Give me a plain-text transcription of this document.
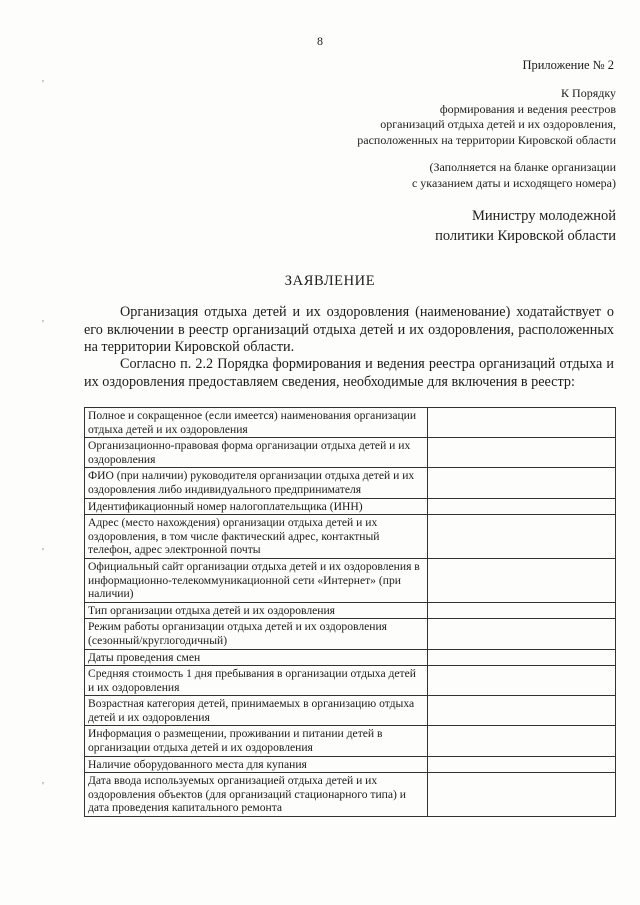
8
Приложение № 2
К Порядку
формирования и ведения реестров
организаций отдыха детей и их оздоровления,
расположенных на территории Кировской области
(Заполняется на бланке организации
с указанием даты и исходящего номера)
Министру молодежной
политики Кировской области
ЗАЯВЛЕНИЕ
Организация отдыха детей и их оздоровления (наименование) ходатайствует о его включении в реестр организаций отдыха детей и их оздоровления, расположенных на территории Кировской области.
Согласно п. 2.2 Порядка формирования и ведения реестра организаций отдыха и их оздоровления предоставляем сведения, необходимые для включения в реестр:
Полное и сокращенное (если имеется) наименования организации отдыха детей и их оздоровления	
Организационно-правовая форма организации отдыха детей и их оздоровления	
ФИО (при наличии) руководителя организации отдыха детей и их оздоровления либо индивидуального предпринимателя	
Идентификационный номер налогоплательщика (ИНН)	
Адрес (место нахождения) организации отдыха детей и их оздоровления, в том числе фактический адрес, контактный телефон, адрес электронной почты	
Официальный сайт организации отдыха детей и их оздоровления в информационно-телекоммуникационной сети «Интернет» (при наличии)	
Тип организации отдыха детей и их оздоровления	
Режим работы организации отдыха детей и их оздоровления (сезонный/круглогодичный)	
Даты проведения смен	
Средняя стоимость 1 дня пребывания в организации отдыха детей и их оздоровления	
Возрастная категория детей, принимаемых в организацию отдыха детей и их оздоровления	
Информация о размещении, проживании и питании детей в организации отдыха детей и их оздоровления	
Наличие оборудованного места для купания	
Дата ввода используемых организацией отдыха детей и их оздоровления объектов (для организаций стационарного типа) и дата проведения капитального ремонта	
'
'
'
'
